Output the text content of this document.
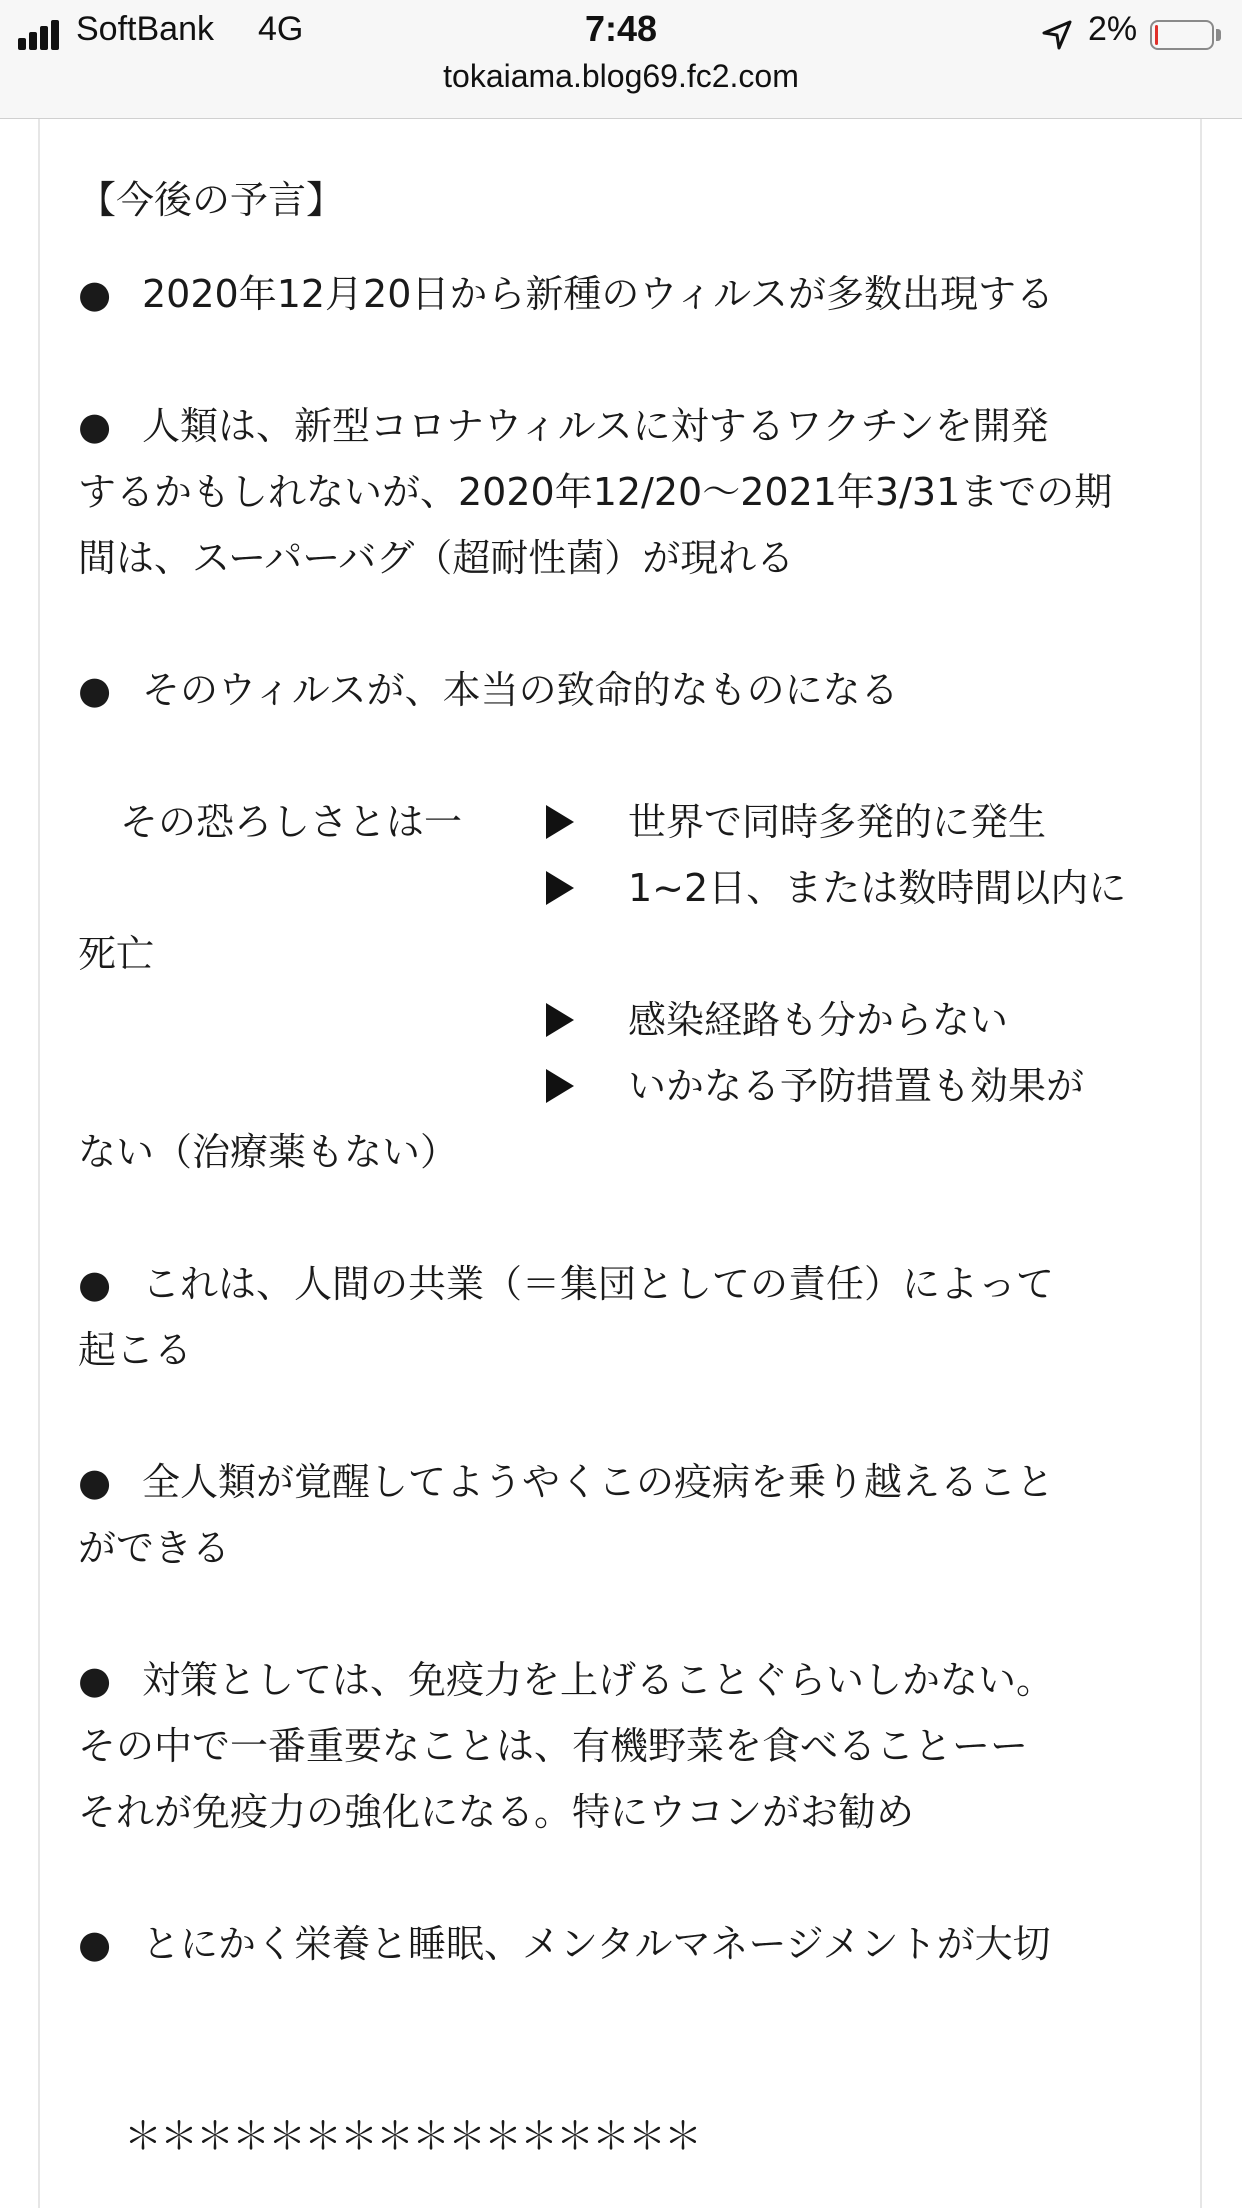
SoftBank 4G	7:48	2%
tokaiama.blog69.fc2.com
【今後の予言】
● 2020年12月20日から新種のウィルスが多数出現する
● 人類は、新型コロナウィルスに対するワクチンを開発
するかもしれないが、2020年12/20～2021年3/31までの期
間は、スーパーバグ（超耐性菌）が現れる
● そのウィルスが、本当の致命的なものになる
その恐ろしさとは一	世界で同時多発的に発生
1~2日、または数時間以内に
死亡
感染経路も分からない
いかなる予防措置も効果が
ない（治療薬もない）
● これは、人間の共業（＝集団としての責任）によって
起こる
● 全人類が覚醒してようやくこの疫病を乗り越えること
ができる
● 対策としては、免疫力を上げることぐらいしかない。
その中で一番重要なことは、有機野菜を食べることーー
それが免疫力の強化になる。特にウコンがお勧め
● とにかく栄養と睡眠、メンタルマネージメントが大切
＊＊＊＊＊＊＊＊＊＊＊＊＊＊＊＊
